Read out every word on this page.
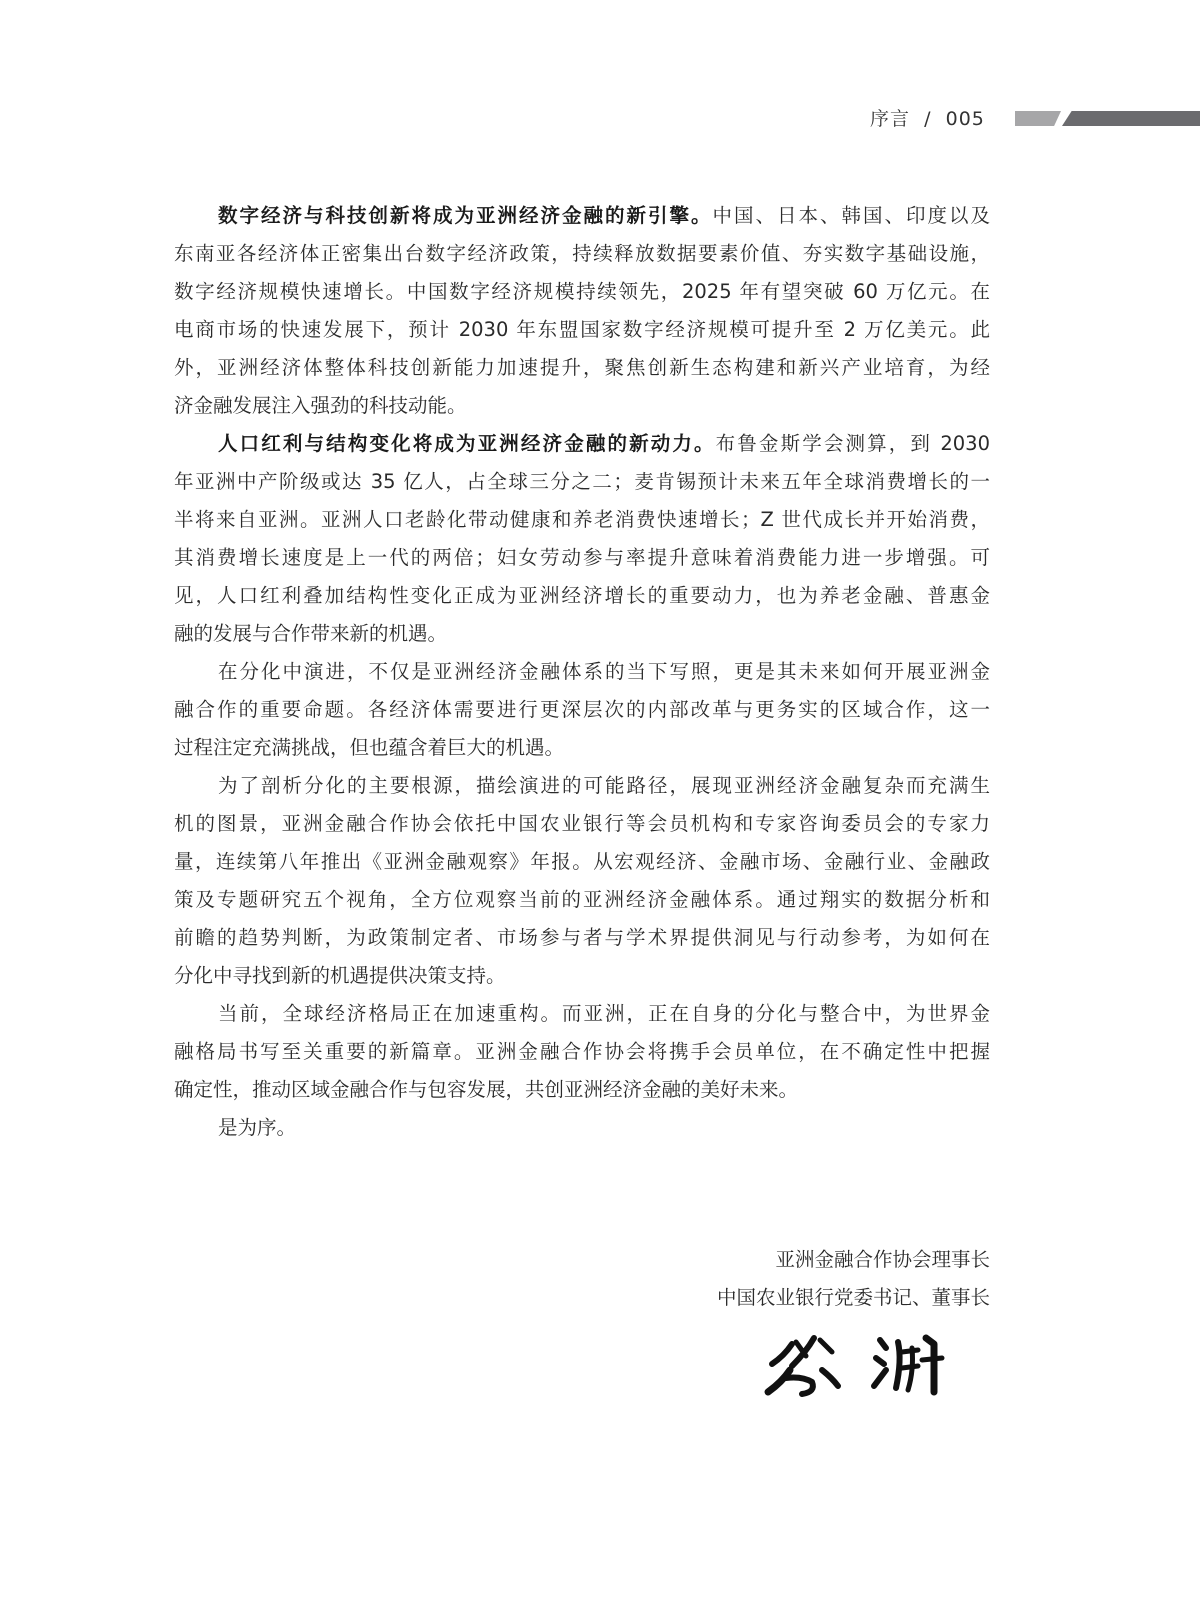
序言 / 005
数字经济与科技创新将成为亚洲经济金融的新引擎。中国、日本、韩国、印度以及
东南亚各经济体正密集出台数字经济政策，持续释放数据要素价值、夯实数字基础设施，
数字经济规模快速增长。中国数字经济规模持续领先，2025 年有望突破 60 万亿元。在
电商市场的快速发展下，预计 2030 年东盟国家数字经济规模可提升至 2 万亿美元。此
外，亚洲经济体整体科技创新能力加速提升，聚焦创新生态构建和新兴产业培育，为经
济金融发展注入强劲的科技动能。
人口红利与结构变化将成为亚洲经济金融的新动力。布鲁金斯学会测算，到 2030
年亚洲中产阶级或达 35 亿人，占全球三分之二；麦肯锡预计未来五年全球消费增长的一
半将来自亚洲。亚洲人口老龄化带动健康和养老消费快速增长；Z 世代成长并开始消费，
其消费增长速度是上一代的两倍；妇女劳动参与率提升意味着消费能力进一步增强。可
见，人口红利叠加结构性变化正成为亚洲经济增长的重要动力，也为养老金融、普惠金
融的发展与合作带来新的机遇。
在分化中演进，不仅是亚洲经济金融体系的当下写照，更是其未来如何开展亚洲金
融合作的重要命题。各经济体需要进行更深层次的内部改革与更务实的区域合作，这一
过程注定充满挑战，但也蕴含着巨大的机遇。
为了剖析分化的主要根源，描绘演进的可能路径，展现亚洲经济金融复杂而充满生
机的图景，亚洲金融合作协会依托中国农业银行等会员机构和专家咨询委员会的专家力
量，连续第八年推出《亚洲金融观察》年报。从宏观经济、金融市场、金融行业、金融政
策及专题研究五个视角，全方位观察当前的亚洲经济金融体系。通过翔实的数据分析和
前瞻的趋势判断，为政策制定者、市场参与者与学术界提供洞见与行动参考，为如何在
分化中寻找到新的机遇提供决策支持。
当前，全球经济格局正在加速重构。而亚洲，正在自身的分化与整合中，为世界金
融格局书写至关重要的新篇章。亚洲金融合作协会将携手会员单位，在不确定性中把握
确定性，推动区域金融合作与包容发展，共创亚洲经济金融的美好未来。
是为序。
亚洲金融合作协会理事长
中国农业银行党委书记、董事长
